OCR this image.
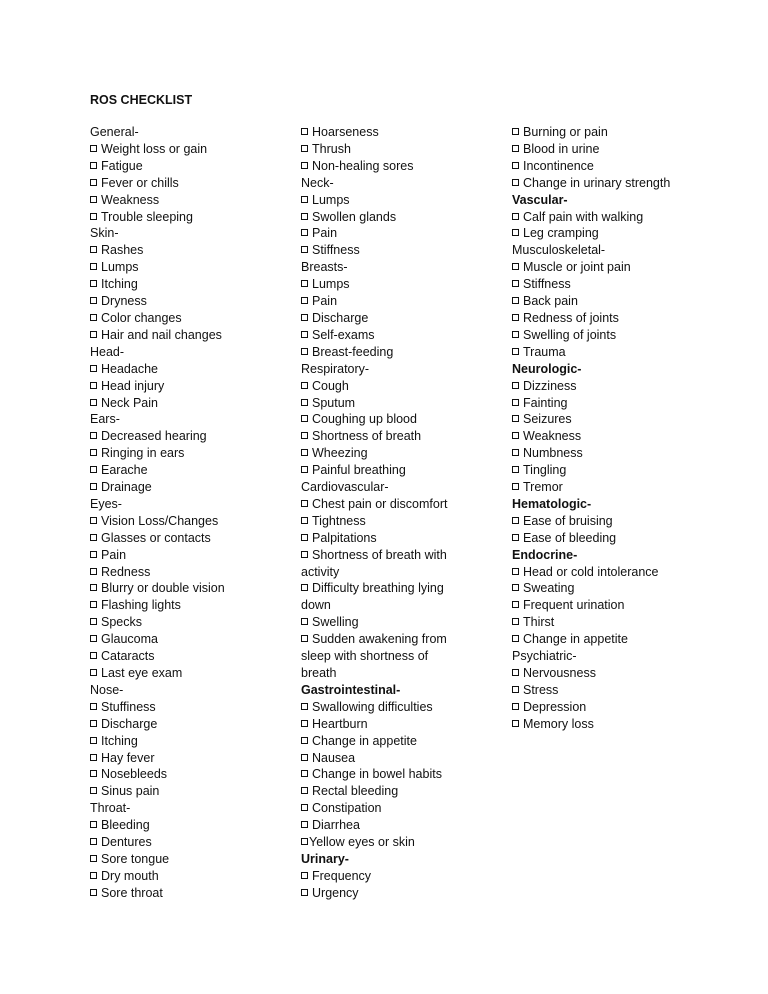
ROS CHECKLIST
General-
Weight loss or gain
Fatigue
Fever or chills
Weakness
Trouble sleeping
Skin-
Rashes
Lumps
Itching
Dryness
Color changes
Hair and nail changes
Head-
Headache
Head injury
Neck Pain
Ears-
Decreased hearing
Ringing in ears
Earache
Drainage
Eyes-
Vision Loss/Changes
Glasses or contacts
Pain
Redness
Blurry or double vision
Flashing lights
Specks
Glaucoma
Cataracts
Last eye exam
Nose-
Stuffiness
Discharge
Itching
Hay fever
Nosebleeds
Sinus pain
Throat-
Bleeding
Dentures
Sore tongue
Dry mouth
Sore throat
Hoarseness
Thrush
Non-healing sores
Neck-
Lumps
Swollen glands
Pain
Stiffness
Breasts-
Lumps
Pain
Discharge
Self-exams
Breast-feeding
Respiratory-
Cough
Sputum
Coughing up blood
Shortness of breath
Wheezing
Painful breathing
Cardiovascular-
Chest pain or discomfort
Tightness
Palpitations
Shortness of breath with activity
Difficulty breathing lying down
Swelling
Sudden awakening from sleep with shortness of breath
Gastrointestinal-
Swallowing difficulties
Heartburn
Change in appetite
Nausea
Change in bowel habits
Rectal bleeding
Constipation
Diarrhea
Yellow eyes or skin
Urinary-
Frequency
Urgency
Burning or pain
Blood in urine
Incontinence
Change in urinary strength
Vascular-
Calf pain with walking
Leg cramping
Musculoskeletal-
Muscle or joint pain
Stiffness
Back pain
Redness of joints
Swelling of joints
Trauma
Neurologic-
Dizziness
Fainting
Seizures
Weakness
Numbness
Tingling
Tremor
Hematologic-
Ease of bruising
Ease of bleeding
Endocrine-
Head or cold intolerance
Sweating
Frequent urination
Thirst
Change in appetite
Psychiatric-
Nervousness
Stress
Depression
Memory loss
